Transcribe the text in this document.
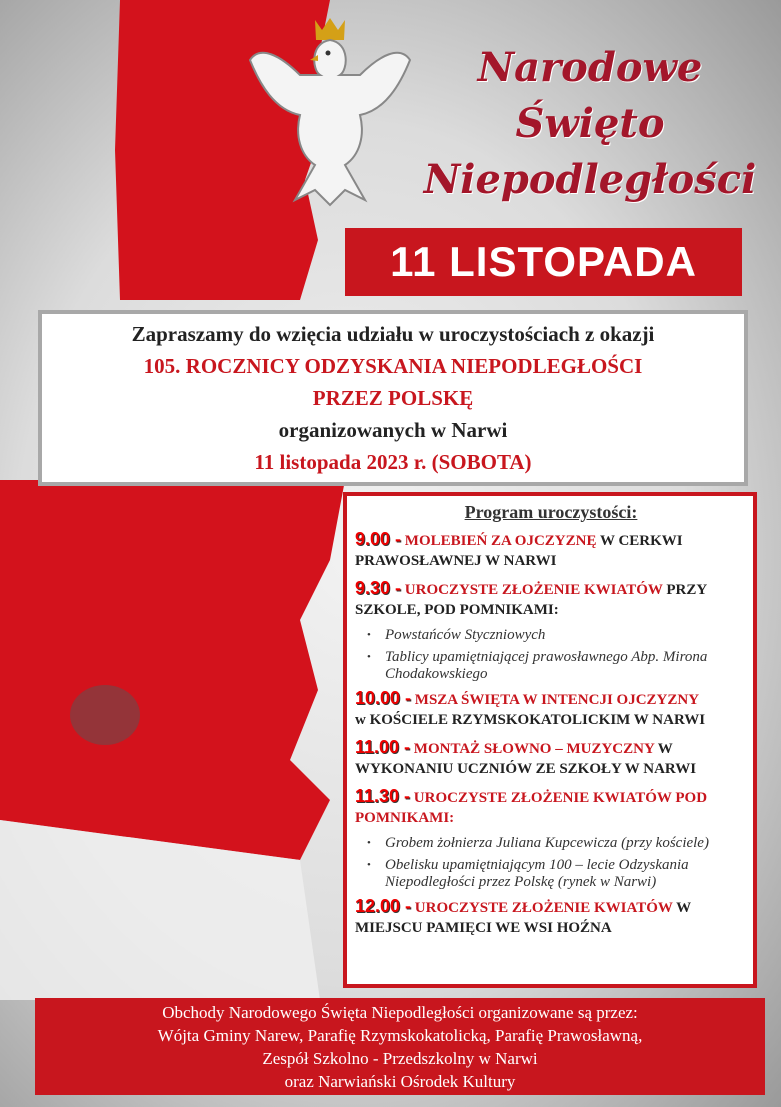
Narodowe
Święto
Niepodległości
11 LISTOPADA
Zapraszamy do wzięcia udziału w uroczystościach z okazji
105. ROCZNICY ODZYSKANIA NIEPODLEGŁOŚCI
PRZEZ POLSKĘ
organizowanych w Narwi
11 listopada 2023 r. (SOBOTA)
Program uroczystości:
9.00 - MOLEBIEŃ ZA OJCZYZNĘ W CERKWI PRAWOSŁAWNEJ W NARWI
9.30 - UROCZYSTE ZŁOŻENIE KWIATÓW PRZY SZKOLE, POD POMNIKAMI:
• Powstańców Styczniowych
• Tablicy upamiętniającej prawosławnego Abp. Mirona Chodakowskiego
10.00 - MSZA ŚWIĘTA W INTENCJI OJCZYZNY
w KOŚCIELE RZYMSKOKATOLICKIM W NARWI
11.00 - MONTAŻ SŁOWNO – MUZYCZNY W WYKONANIU UCZNIÓW ZE SZKOŁY W NARWI
11.30 - UROCZYSTE ZŁOŻENIE KWIATÓW POD POMNIKAMI:
• Grobem żołnierza Juliana Kupcewicza (przy kościele)
• Obelisku upamiętniającym 100 – lecie Odzyskania Niepodległości przez Polskę (rynek w Narwi)
12.00 - UROCZYSTE ZŁOŻENIE KWIATÓW W MIEJSCU PAMIĘCI WE WSI HOŹNA
Obchody Narodowego Święta Niepodległości organizowane są przez:
Wójta Gminy Narew, Parafię Rzymskokatolicką, Parafię Prawosławną,
Zespół Szkolno - Przedszkolny w Narwi
oraz Narwiański Ośrodek Kultury
